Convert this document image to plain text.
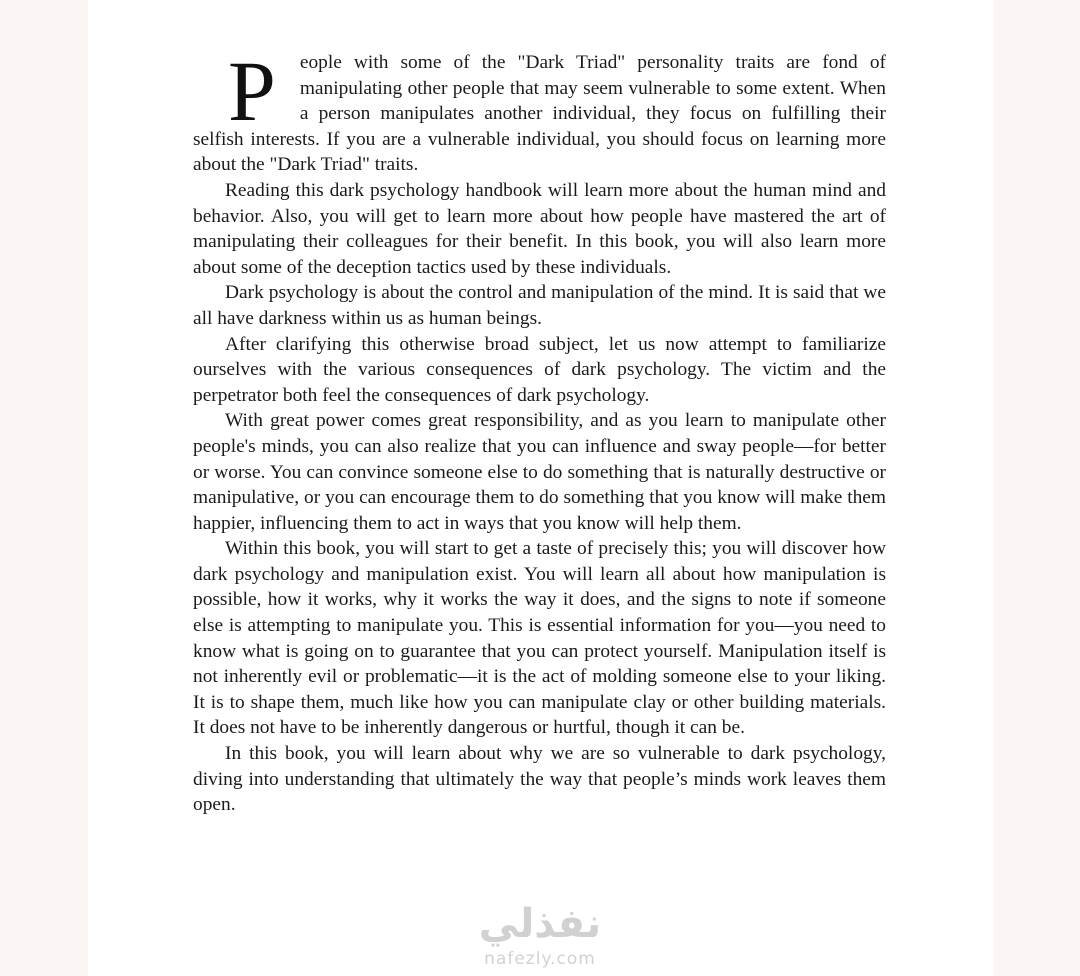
P eople with some of the "Dark Triad" personality traits are fond of manipulating other people that may seem vulnerable to some extent. When a person manipulates another individual, they focus on fulfilling their selfish interests. If you are a vulnerable individual, you should focus on learning more about the "Dark Triad" traits.

Reading this dark psychology handbook will learn more about the human mind and behavior. Also, you will get to learn more about how people have mastered the art of manipulating their colleagues for their benefit. In this book, you will also learn more about some of the deception tactics used by these individuals.

Dark psychology is about the control and manipulation of the mind. It is said that we all have darkness within us as human beings.

After clarifying this otherwise broad subject, let us now attempt to familiarize ourselves with the various consequences of dark psychology. The victim and the perpetrator both feel the consequences of dark psychology.

With great power comes great responsibility, and as you learn to manipulate other people's minds, you can also realize that you can influence and sway people—for better or worse. You can convince someone else to do something that is naturally destructive or manipulative, or you can encourage them to do something that you know will make them happier, influencing them to act in ways that you know will help them.

Within this book, you will start to get a taste of precisely this; you will discover how dark psychology and manipulation exist. You will learn all about how manipulation is possible, how it works, why it works the way it does, and the signs to note if someone else is attempting to manipulate you. This is essential information for you—you need to know what is going on to guarantee that you can protect yourself. Manipulation itself is not inherently evil or problematic—it is the act of molding someone else to your liking. It is to shape them, much like how you can manipulate clay or other building materials. It does not have to be inherently dangerous or hurtful, though it can be.

In this book, you will learn about why we are so vulnerable to dark psychology, diving into understanding that ultimately the way that people’s minds work leaves them open.

نفذلي
nafezly.com
